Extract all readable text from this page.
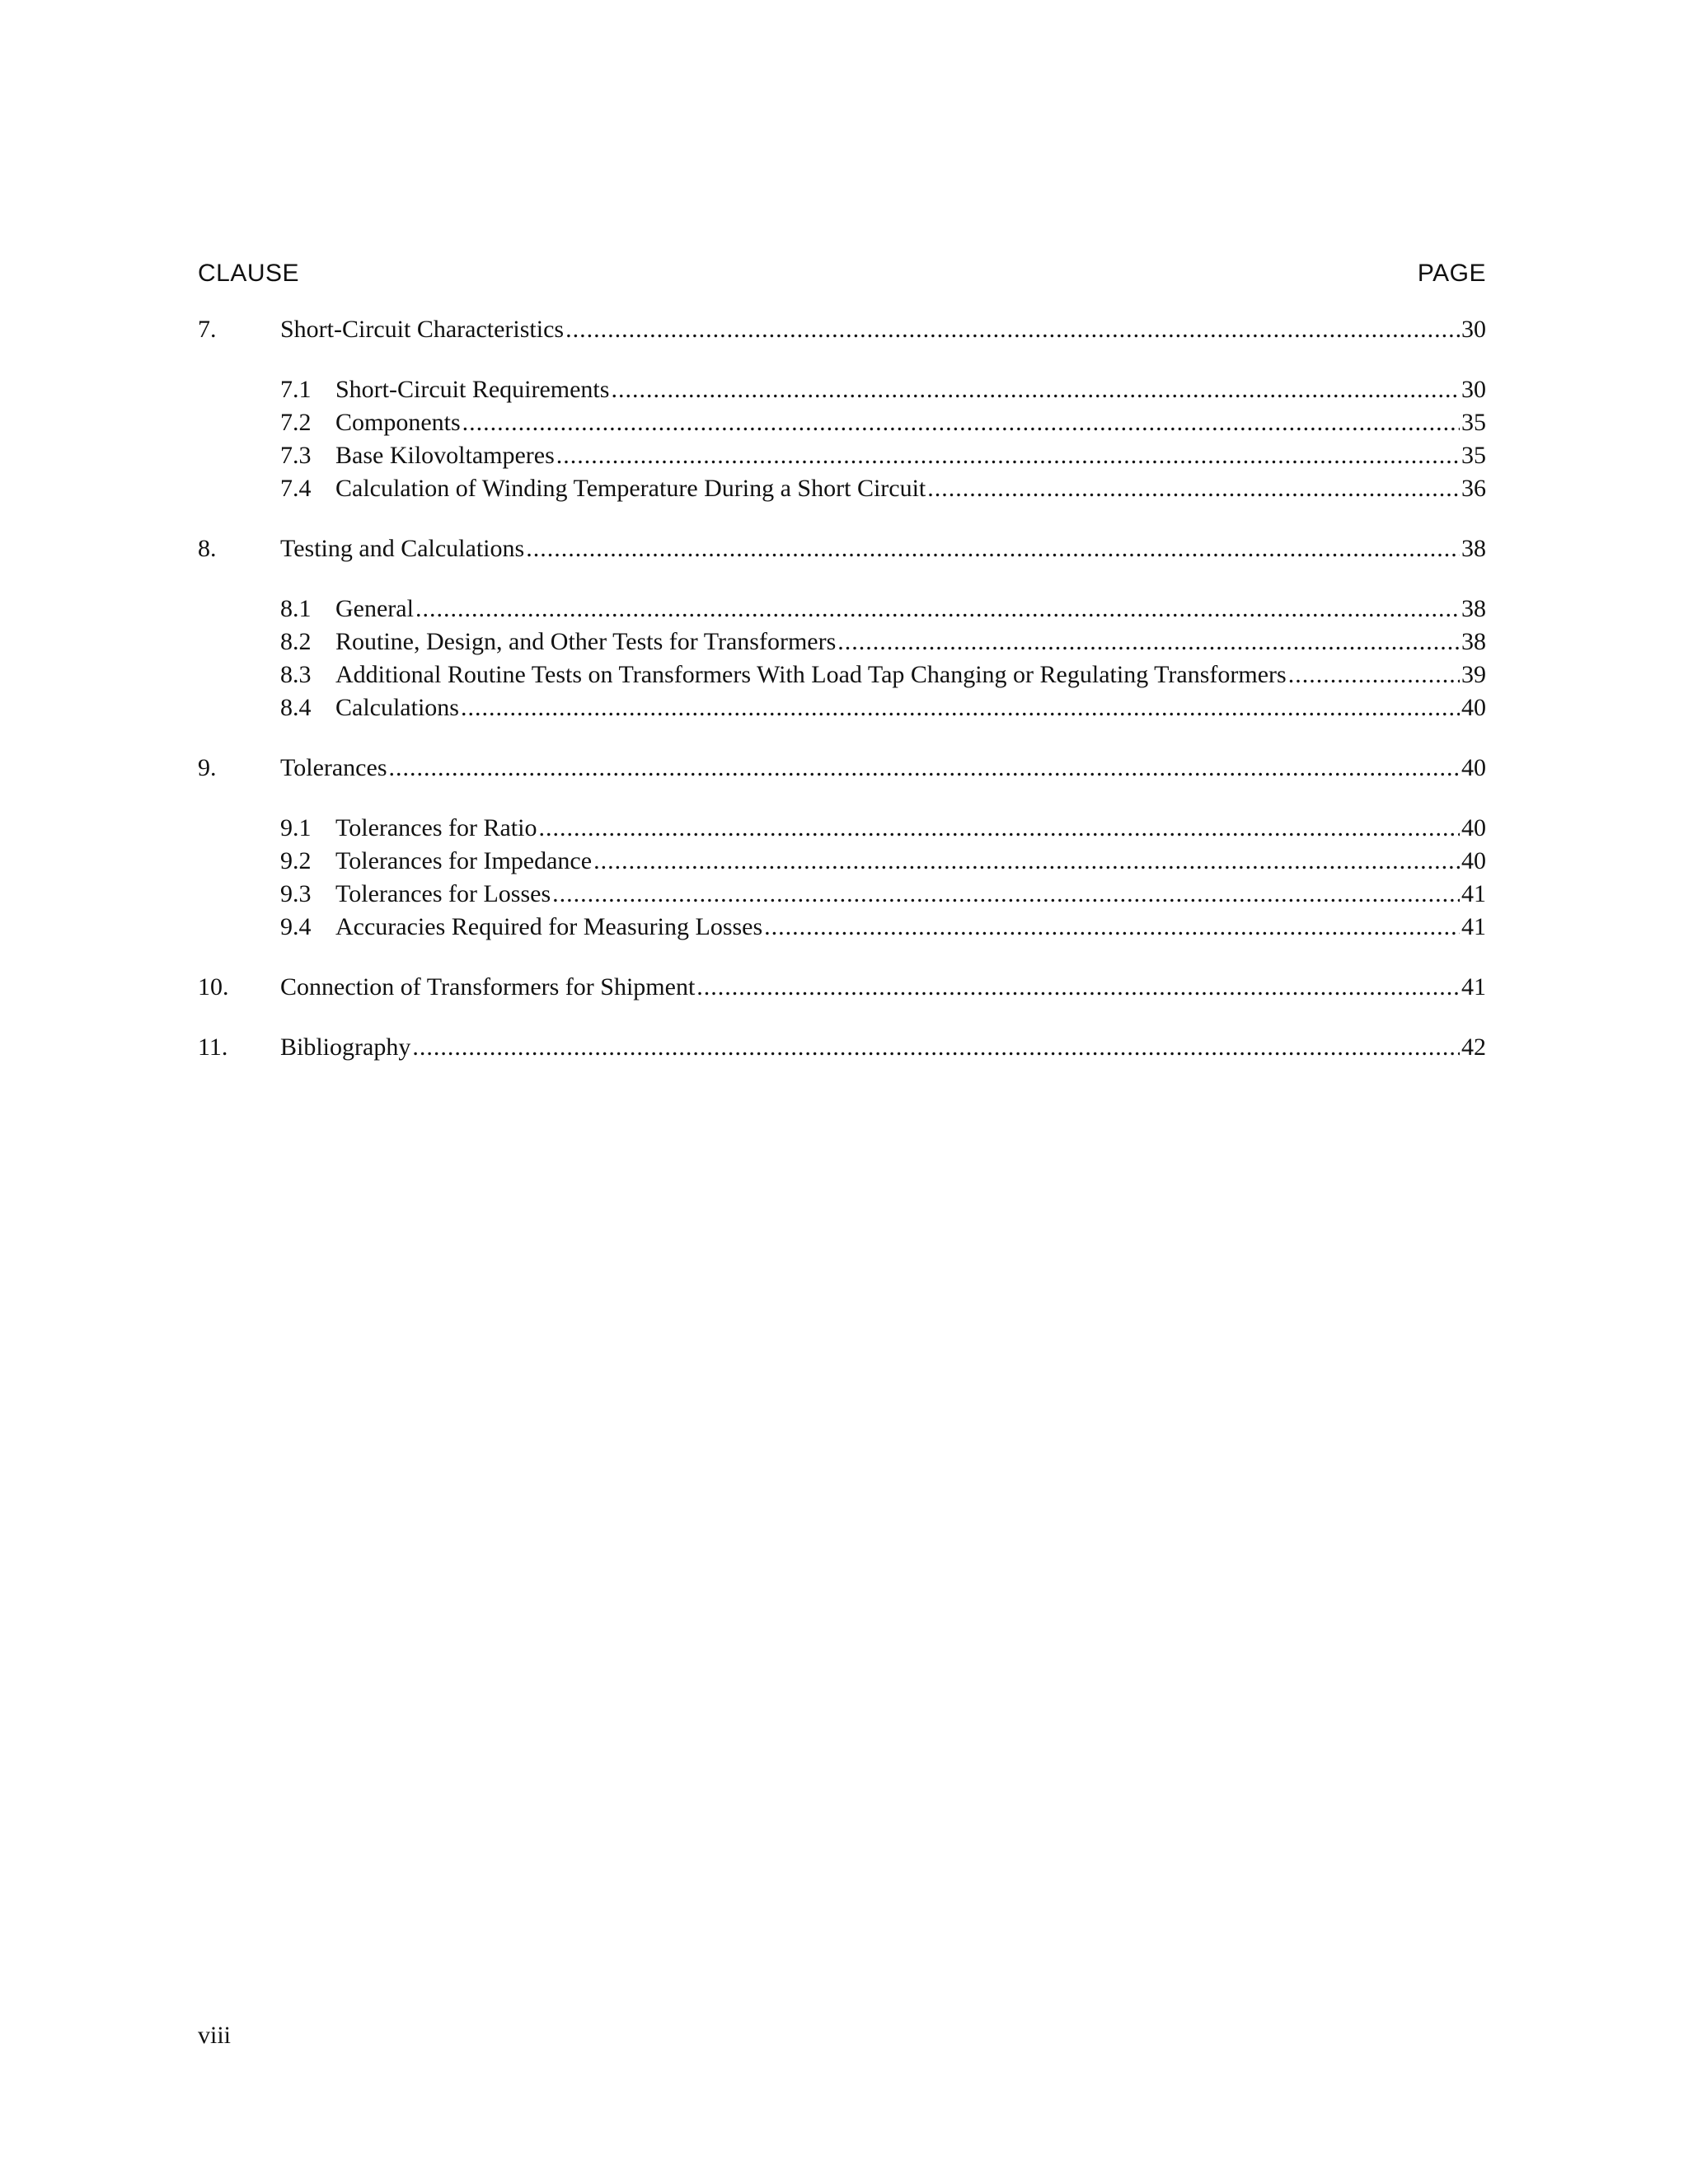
CLAUSE	PAGE
7.	Short-Circuit Characteristics .....	30
7.1 Short-Circuit Requirements .....	30
7.2 Components .....	35
7.3 Base Kilovoltamperes .....	35
7.4 Calculation of Winding Temperature During a Short Circuit .....	36
8.	Testing and Calculations .....	38
8.1 General .....	38
8.2 Routine, Design, and Other Tests for Transformers .....	38
8.3 Additional Routine Tests on Transformers With Load Tap Changing or Regulating Transformers .....	39
8.4 Calculations .....	40
9.	Tolerances .....	40
9.1 Tolerances for Ratio .....	40
9.2 Tolerances for Impedance .....	40
9.3 Tolerances for Losses .....	41
9.4 Accuracies Required for Measuring Losses .....	41
10. Connection of Transformers for Shipment .....	41
11. Bibliography .....	42
viii
